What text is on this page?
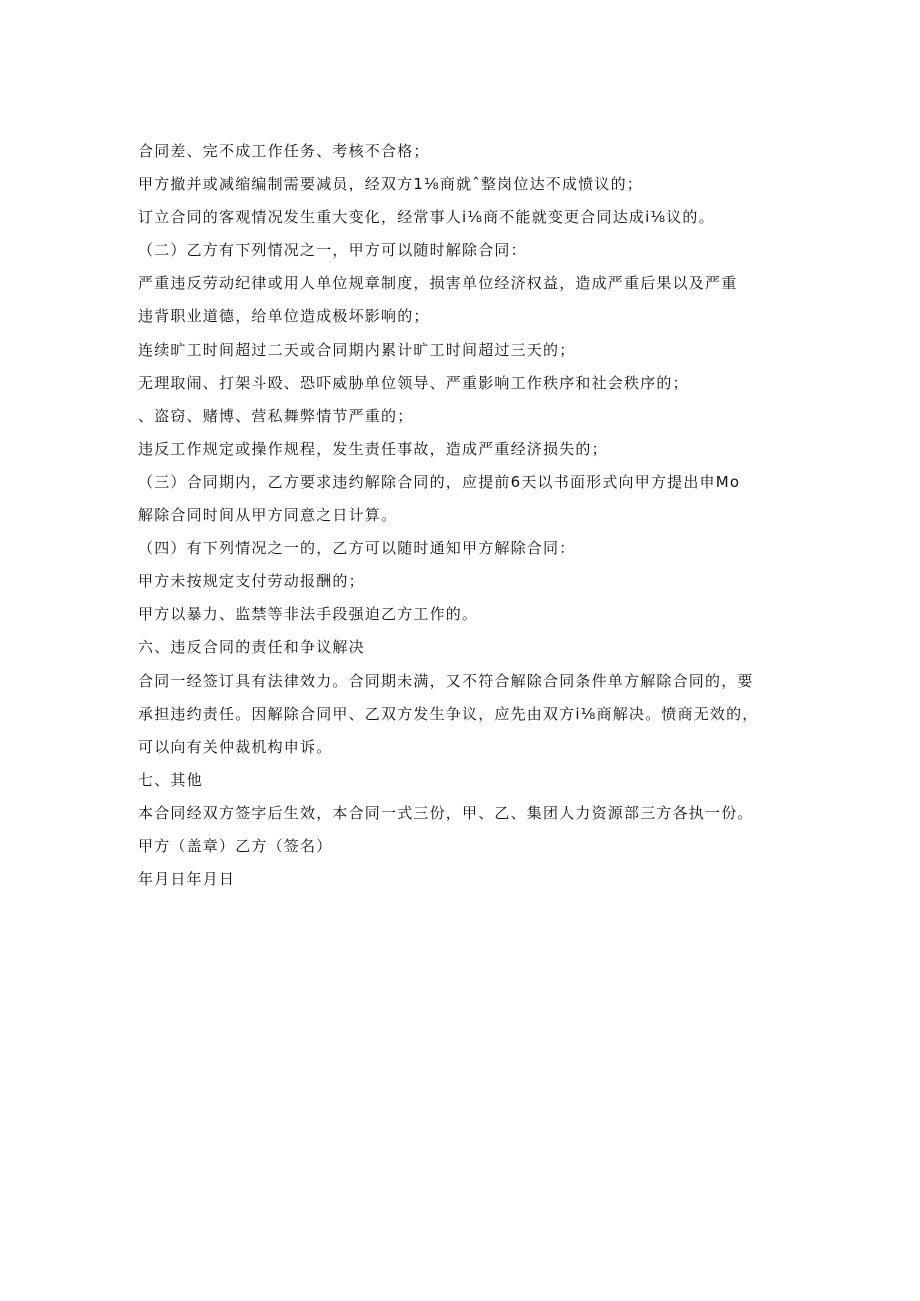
合同差、完不成工作任务、考核不合格；
甲方撤并或减缩编制需要减员，经双方1⅛商就ˆ整岗位达不成愤议的；
订立合同的客观情况发生重大变化，经常事人i⅛商不能就变更合同达成i⅛议的。
（二）乙方有下列情况之一，甲方可以随时解除合同：
严重违反劳动纪律或用人单位规章制度，损害单位经济权益，造成严重后果以及严重
违背职业道德，给单位造成极坏影响的；
连续旷工时间超过二天或合同期内累计旷工时间超过三天的；
无理取闹、打架斗殴、恐吓威胁单位领导、严重影响工作秩序和社会秩序的；
、盗窃、赌博、营私舞弊情节严重的；
违反工作规定或操作规程，发生责任事故，造成严重经济损失的；
（三）合同期内，乙方要求违约解除合同的，应提前6天以书面形式向甲方提出申Mo
解除合同时间从甲方同意之日计算。
（四）有下列情况之一的，乙方可以随时通知甲方解除合同：
甲方未按规定支付劳动报酬的；
甲方以暴力、监禁等非法手段强迫乙方工作的。
六、违反合同的责任和争议解决
合同一经签订具有法律效力。合同期未满，又不符合解除合同条件单方解除合同的，要
承担违约责任。因解除合同甲、乙双方发生争议，应先由双方i⅛商解决。愤商无效的，
可以向有关仲裁机构申诉。
七、其他
本合同经双方签字后生效，本合同一式三份，甲、乙、集团人力资源部三方各执一份。
甲方（盖章）乙方（签名）
年月日年月日
